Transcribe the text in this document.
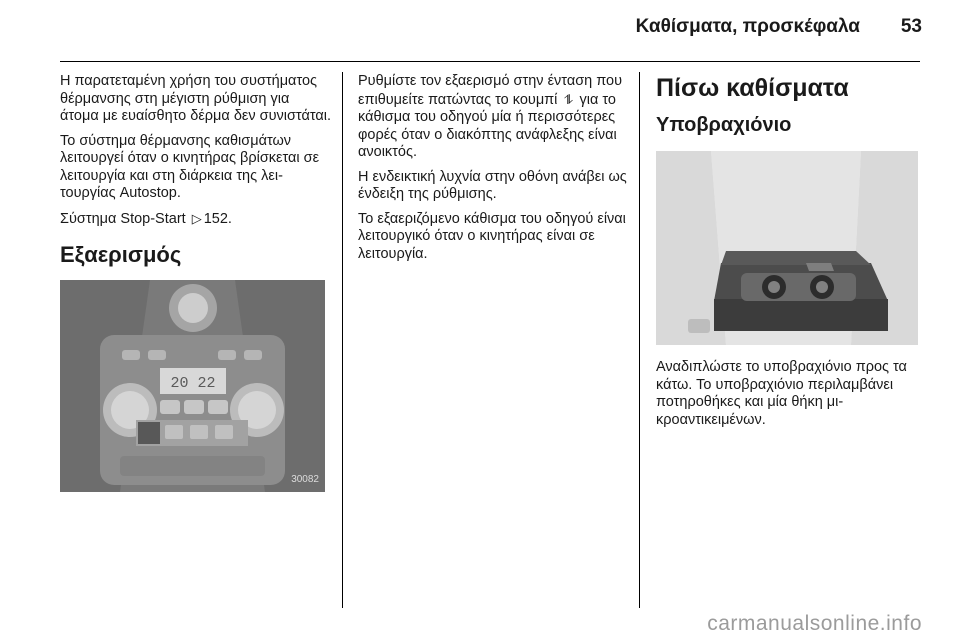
Καθίσματα, προσκέφαλα 53

Η παρατεταμένη χρήση του συστήματος θέρμανσης στη μέγιστη ρύθμιση για άτομα με ευαίσθητο δέρμα δεν συνιστάται.

Το σύστημα θέρμανσης καθισμάτων λειτουργεί όταν ο κινητήρας βρίσκεται σε λειτουργία και στη διάρκεια της λειτουργίας Autostop.

Σύστημα Stop-Start ▷ 152.

Εξαερισμός
20 22
30082

Ρυθμίστε τον εξαερισμό στην ένταση που επιθυμείτε πατώντας το κουμπί ⥮ για το κάθισμα του οδηγού μία ή περισσότερες φορές όταν ο διακόπτης ανάφλεξης είναι ανοικτός.

Η ενδεικτική λυχνία στην οθόνη ανάβει ως ένδειξη της ρύθμισης.

Το εξαεριζόμενο κάθισμα του οδηγού είναι λειτουργικό όταν ο κινητήρας είναι σε λειτουργία.

Πίσω καθίσματα
Υποβραχιόνιο

Αναδιπλώστε το υποβραχιόνιο προς τα κάτω. Το υποβραχιόνιο περιλαμβάνει ποτηροθήκες και μία θήκη μικροαντικειμένων.

carmanualsonline.info
